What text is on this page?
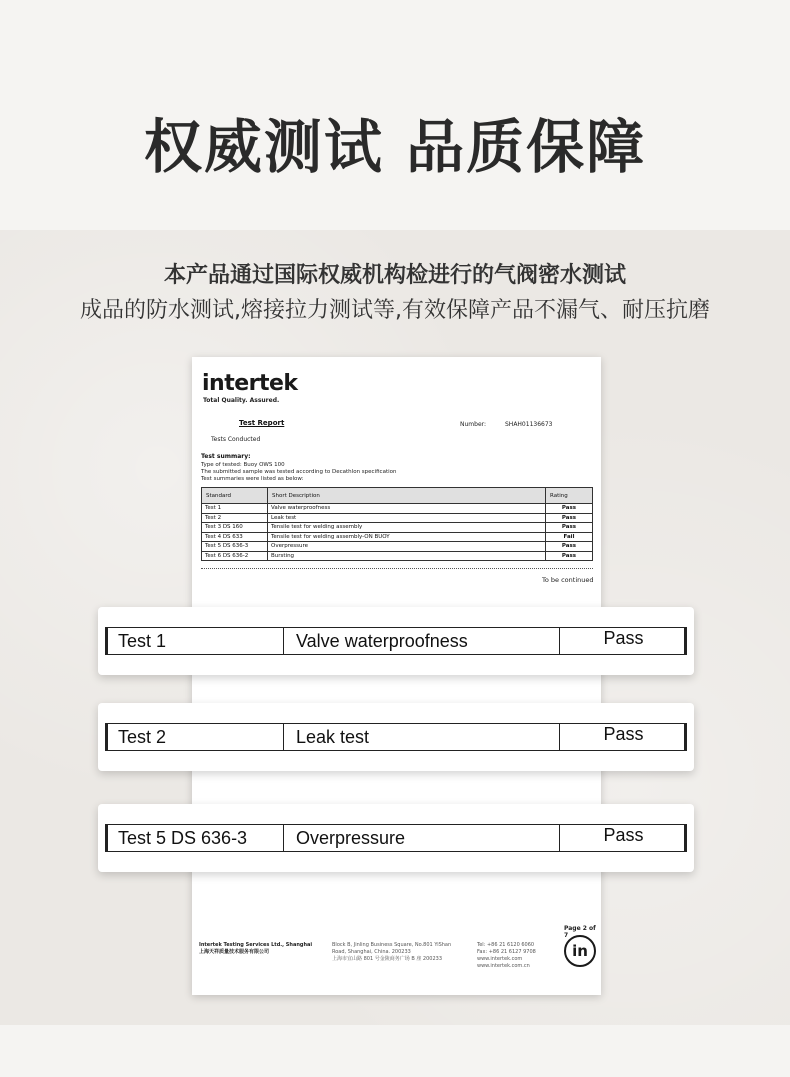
权威测试 品质保障
本产品通过国际权威机构检进行的气阀密水测试
成品的防水测试,熔接拉力测试等,有效保障产品不漏气、耐压抗磨
intertek
Total Quality. Assured.
Test Report	Number:	SHAH01136673
Tests Conducted
Test summary:
Type of tested: Buoy OWS 100
The submitted sample was tested according to Decathlon specification
Test summaries were listed as below:
Standard	Short Description	Rating
Test 1	Valve waterproofness	Pass
Test 2	Leak test	Pass
Test 3 DS 160	Tensile test for welding assembly	Pass
Test 4 DS 633	Tensile test for welding assembly-ON BUOY	Fail
Test 5 DS 636-3	Overpressure	Pass
Test 6 DS 636-2	Bursting	Pass
To be continued
Page 2 of 7
in
Intertek Testing Services Ltd., Shanghai
上海天祥质量技术服务有限公司
Block B, Jinling Business Square, No.801 YiShan
Road, Shanghai, China. 200233
上海市宜山路 801 号金陵商务广场 B 座 200233
Tel: +86 21 6120 6060
Fax: +86 21 6127 9708
www.intertek.com
www.intertek.com.cn
Test 1	Valve waterproofness	Pass
Test 2	Leak test	Pass
Test 5 DS 636-3	Overpressure	Pass
